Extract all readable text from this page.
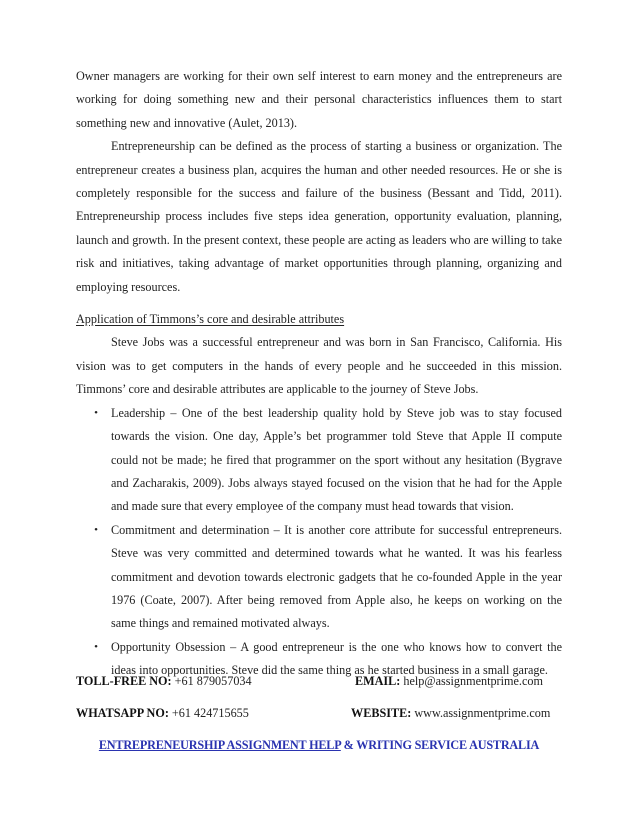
Owner managers are working for their own self interest to earn money and the entrepreneurs are working for doing something new and their personal characteristics influences them to start something new and innovative (Aulet, 2013).

Entrepreneurship can be defined as the process of starting a business or organization. The entrepreneur creates a business plan, acquires the human and other needed resources. He or she is completely responsible for the success and failure of the business (Bessant and Tidd, 2011). Entrepreneurship process includes five steps idea generation, opportunity evaluation, planning, launch and growth. In the present context, these people are acting as leaders who are willing to take risk and initiatives, taking advantage of market opportunities through planning, organizing and employing resources.

Application of Timmons’s core and desirable attributes

Steve Jobs was a successful entrepreneur and was born in San Francisco, California. His vision was to get computers in the hands of every people and he succeeded in this mission. Timmons’ core and desirable attributes are applicable to the journey of Steve Jobs.

• Leadership – One of the best leadership quality hold by Steve job was to stay focused towards the vision. One day, Apple’s bet programmer told Steve that Apple II compute could not be made; he fired that programmer on the sport without any hesitation (Bygrave and Zacharakis, 2009). Jobs always stayed focused on the vision that he had for the Apple and made sure that every employee of the company must head towards that vision.
• Commitment and determination – It is another core attribute for successful entrepreneurs. Steve was very committed and determined towards what he wanted. It was his fearless commitment and devotion towards electronic gadgets that he co-founded Apple in the year 1976 (Coate, 2007). After being removed from Apple also, he keeps on working on the same things and remained motivated always.
• Opportunity Obsession – A good entrepreneur is the one who knows how to convert the ideas into opportunities. Steve did the same thing as he started business in a small garage.
TOLL-FREE NO: +61 879057034	EMAIL: help@assignmentprime.com
WHATSAPP NO: +61 424715655	WEBSITE: www.assignmentprime.com
ENTREPRENEURSHIP ASSIGNMENT HELP & WRITING SERVICE AUSTRALIA
